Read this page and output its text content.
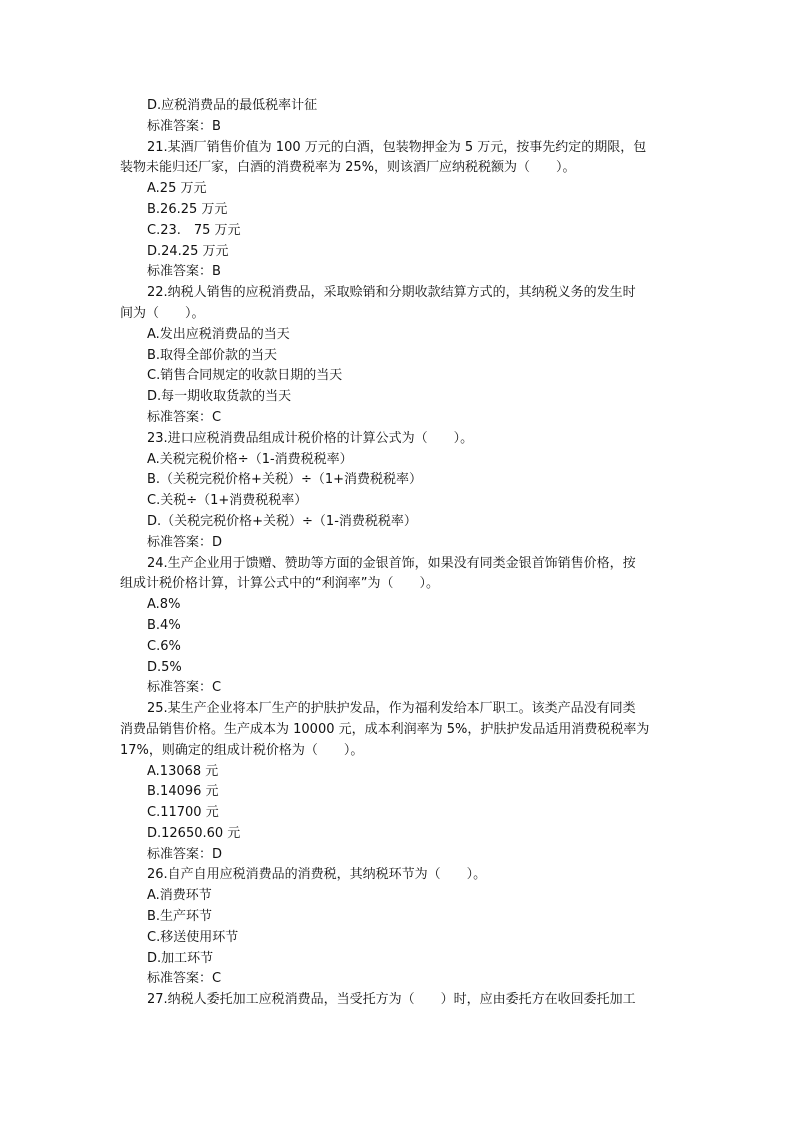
D.应税消费品的最低税率计征
标准答案：B
21.某酒厂销售价值为 100 万元的白酒，包装物押金为 5 万元，按事先约定的期限，包
装物未能归还厂家，白酒的消费税率为 25%，则该酒厂应纳税税额为（　　）。
A.25 万元
B.26.25 万元
C.23.　75 万元
D.24.25 万元
标准答案：B
22.纳税人销售的应税消费品，采取赊销和分期收款结算方式的，其纳税义务的发生时
间为（　　）。
A.发出应税消费品的当天
B.取得全部价款的当天
C.销售合同规定的收款日期的当天
D.每一期收取货款的当天
标准答案：C
23.进口应税消费品组成计税价格的计算公式为（　　）。
A.关税完税价格÷（1-消费税税率）
B.（关税完税价格+关税）÷（1+消费税税率）
C.关税÷（1+消费税税率）
D.（关税完税价格+关税）÷（1-消费税税率）
标准答案：D
24.生产企业用于馈赠、赞助等方面的金银首饰，如果没有同类金银首饰销售价格，按
组成计税价格计算，计算公式中的“利润率”为（　　）。
A.8%
B.4%
C.6%
D.5%
标准答案：C
25.某生产企业将本厂生产的护肤护发品，作为福利发给本厂职工。该类产品没有同类
消费品销售价格。生产成本为 10000 元，成本利润率为 5%，护肤护发品适用消费税税率为
17%，则确定的组成计税价格为（　　）。
A.13068 元
B.14096 元
C.11700 元
D.12650.60 元
标准答案：D
26.自产自用应税消费品的消费税，其纳税环节为（　　）。
A.消费环节
B.生产环节
C.移送使用环节
D.加工环节
标准答案：C
27.纳税人委托加工应税消费品，当受托方为（　　）时，应由委托方在收回委托加工
